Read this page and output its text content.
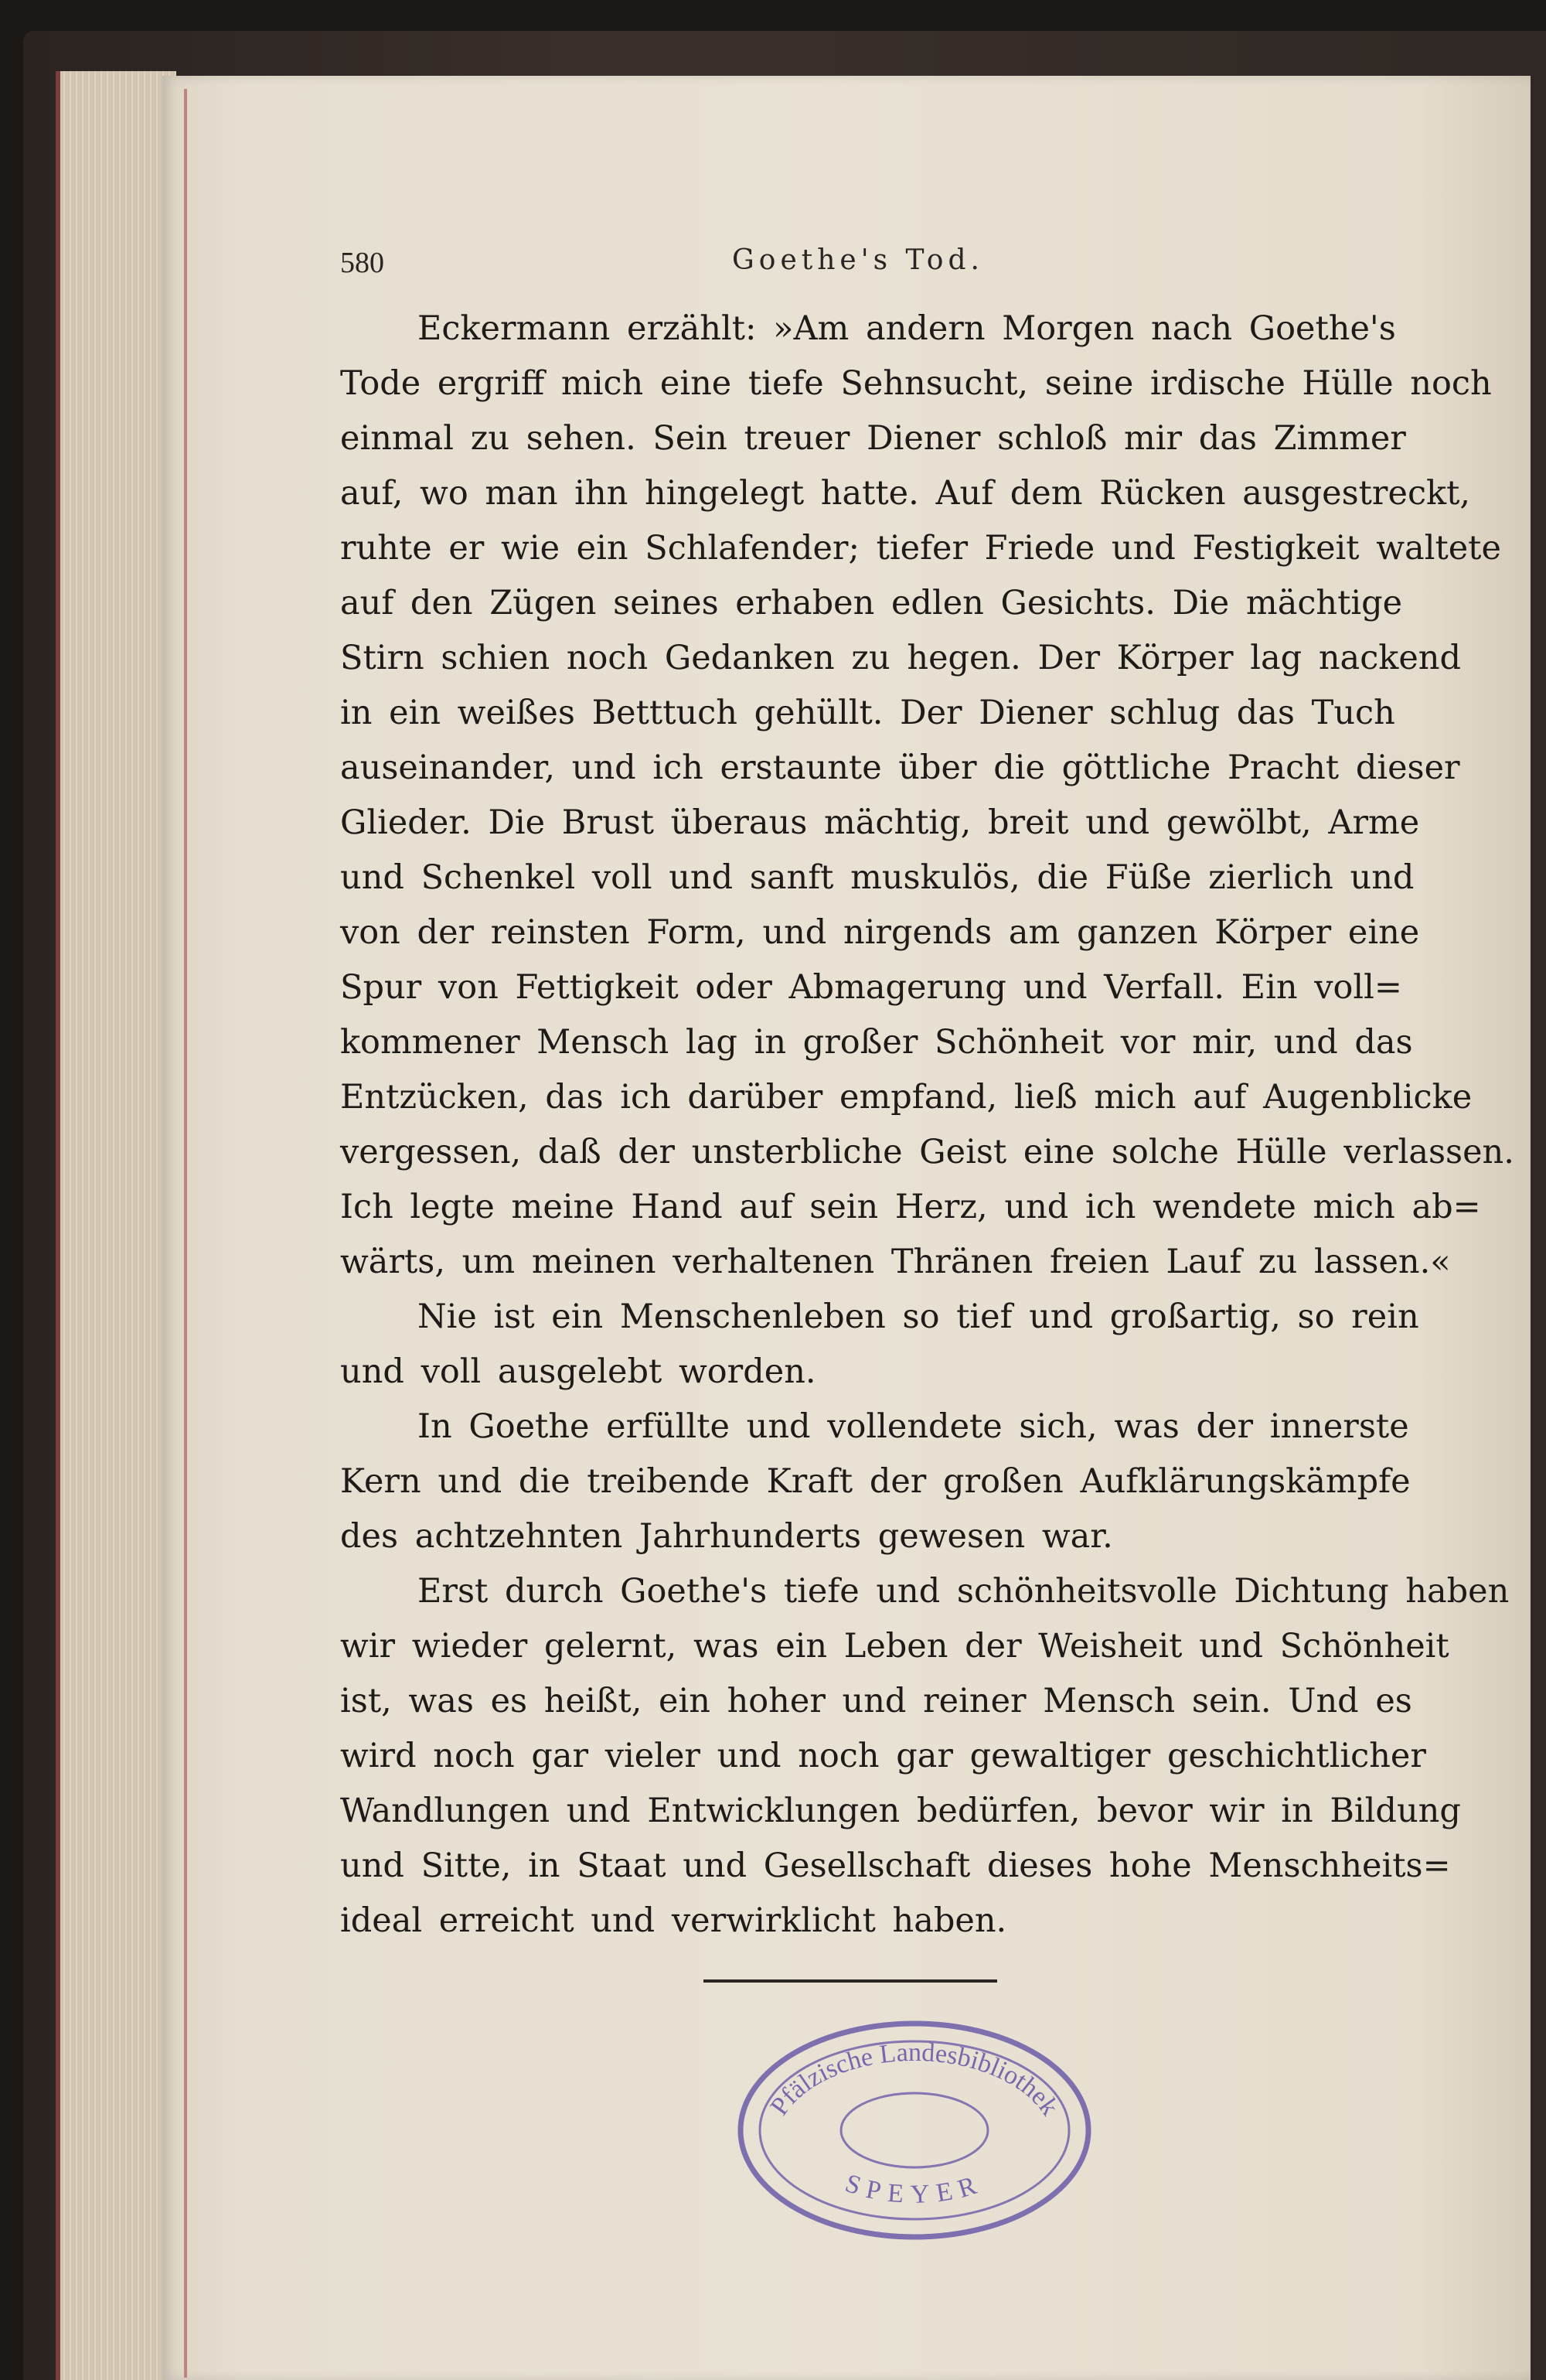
580	Goethe's Tod.

Eckermann erzählt: »Am andern Morgen nach Goethe's
Tode ergriff mich eine tiefe Sehnsucht, seine irdische Hülle noch
einmal zu sehen. Sein treuer Diener schloß mir das Zimmer
auf, wo man ihn hingelegt hatte. Auf dem Rücken ausgestreckt,
ruhte er wie ein Schlafender; tiefer Friede und Festigkeit waltete
auf den Zügen seines erhaben edlen Gesichts. Die mächtige
Stirn schien noch Gedanken zu hegen. Der Körper lag nackend
in ein weißes Betttuch gehüllt. Der Diener schlug das Tuch
auseinander, und ich erstaunte über die göttliche Pracht dieser
Glieder. Die Brust überaus mächtig, breit und gewölbt, Arme
und Schenkel voll und sanft muskulös, die Füße zierlich und
von der reinsten Form, und nirgends am ganzen Körper eine
Spur von Fettigkeit oder Abmagerung und Verfall. Ein voll=
kommener Mensch lag in großer Schönheit vor mir, und das
Entzücken, das ich darüber empfand, ließ mich auf Augenblicke
vergessen, daß der unsterbliche Geist eine solche Hülle verlassen.
Ich legte meine Hand auf sein Herz, und ich wendete mich ab=
wärts, um meinen verhaltenen Thränen freien Lauf zu lassen.«

Nie ist ein Menschenleben so tief und großartig, so rein
und voll ausgelebt worden.

In Goethe erfüllte und vollendete sich, was der innerste
Kern und die treibende Kraft der großen Aufklärungskämpfe
des achtzehnten Jahrhunderts gewesen war.

Erst durch Goethe's tiefe und schönheitsvolle Dichtung haben
wir wieder gelernt, was ein Leben der Weisheit und Schönheit
ist, was es heißt, ein hoher und reiner Mensch sein. Und es
wird noch gar vieler und noch gar gewaltiger geschichtlicher
Wandlungen und Entwicklungen bedürfen, bevor wir in Bildung
und Sitte, in Staat und Gesellschaft dieses hohe Menschheits=
ideal erreicht und verwirklicht haben.

Pfälzische Landesbibliothek
SPEYER
